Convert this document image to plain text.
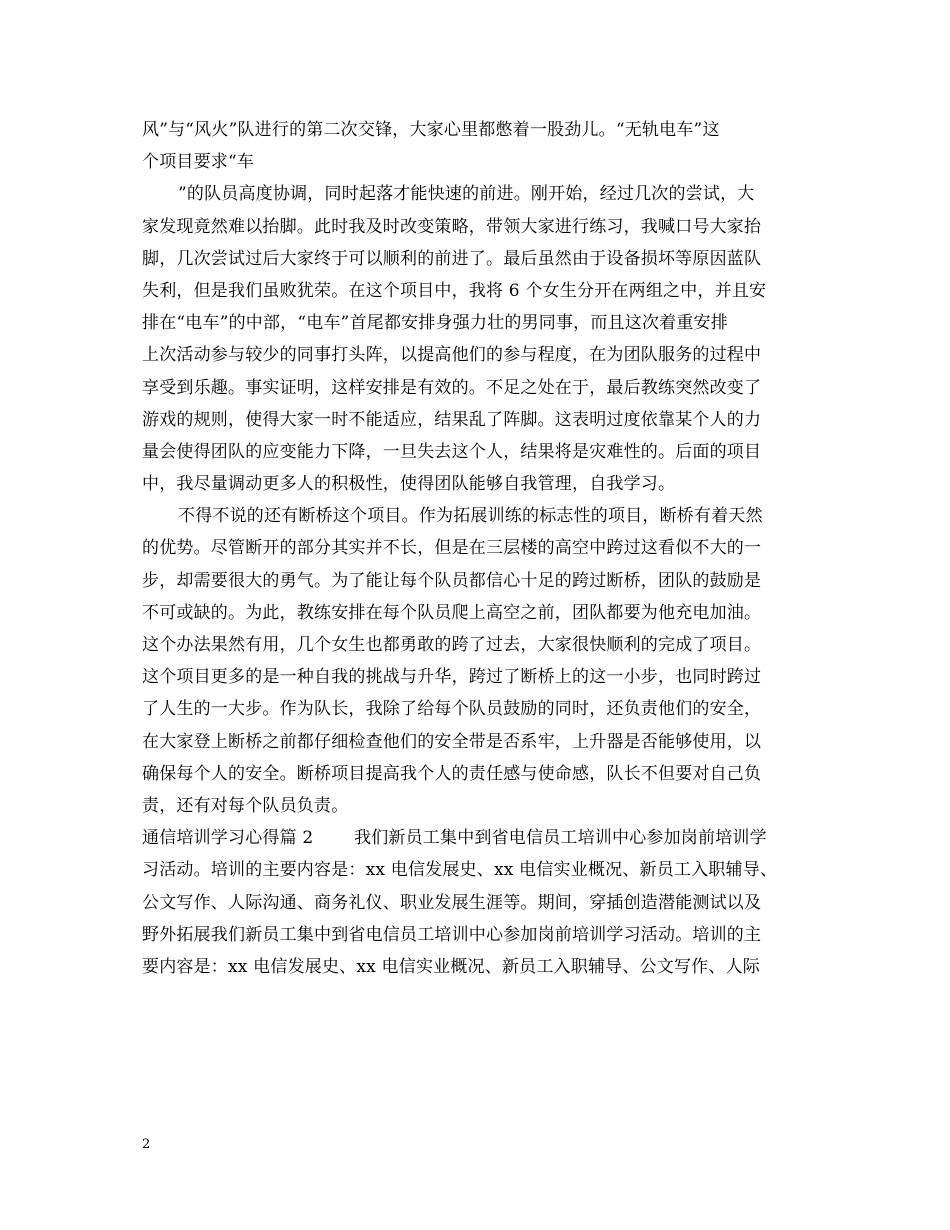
风”与“风火”队进行的第二次交锋，大家心里都憋着一股劲儿。“无轨电车”这
个项目要求“车
”的队员高度协调，同时起落才能快速的前进。刚开始，经过几次的尝试，大
家发现竟然难以抬脚。此时我及时改变策略，带领大家进行练习，我喊口号大家抬
脚，几次尝试过后大家终于可以顺利的前进了。最后虽然由于设备损坏等原因蓝队
失利，但是我们虽败犹荣。在这个项目中，我将 6 个女生分开在两组之中，并且安
排在“电车”的中部，“电车”首尾都安排身强力壮的男同事，而且这次着重安排
上次活动参与较少的同事打头阵，以提高他们的参与程度，在为团队服务的过程中
享受到乐趣。事实证明，这样安排是有效的。不足之处在于，最后教练突然改变了
游戏的规则，使得大家一时不能适应，结果乱了阵脚。这表明过度依靠某个人的力
量会使得团队的应变能力下降，一旦失去这个人，结果将是灾难性的。后面的项目
中，我尽量调动更多人的积极性，使得团队能够自我管理，自我学习。
不得不说的还有断桥这个项目。作为拓展训练的标志性的项目，断桥有着天然
的优势。尽管断开的部分其实并不长，但是在三层楼的高空中跨过这看似不大的一
步，却需要很大的勇气。为了能让每个队员都信心十足的跨过断桥，团队的鼓励是
不可或缺的。为此，教练安排在每个队员爬上高空之前，团队都要为他充电加油。
这个办法果然有用，几个女生也都勇敢的跨了过去，大家很快顺利的完成了项目。
这个项目更多的是一种自我的挑战与升华，跨过了断桥上的这一小步，也同时跨过
了人生的一大步。作为队长，我除了给每个队员鼓励的同时，还负责他们的安全，
在大家登上断桥之前都仔细检查他们的安全带是否系牢，上升器是否能够使用，以
确保每个人的安全。断桥项目提高我个人的责任感与使命感，队长不但要对自己负
责，还有对每个队员负责。
通信培训学习心得篇 2 我们新员工集中到省电信员工培训中心参加岗前培训学
习活动。培训的主要内容是：xx 电信发展史、xx 电信实业概况、新员工入职辅导、
公文写作、人际沟通、商务礼仪、职业发展生涯等。期间，穿插创造潜能测试以及
野外拓展我们新员工集中到省电信员工培训中心参加岗前培训学习活动。培训的主
要内容是：xx 电信发展史、xx 电信实业概况、新员工入职辅导、公文写作、人际
2
